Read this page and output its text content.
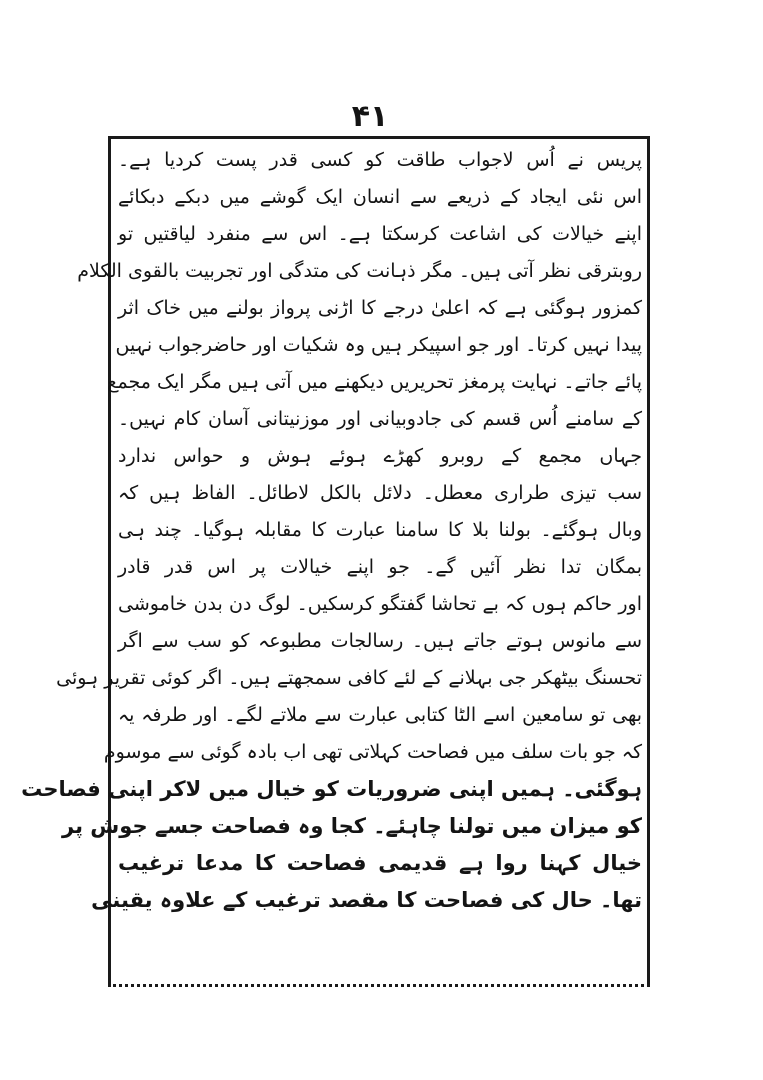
۴۱
پریس نے اُس لاجواب طاقت کو کسی قدر پست کردیا ہے۔
اس نئی ایجاد کے ذریعے سے انسان ایک گوشے میں دبکے دبکائے
اپنے خیالات کی اشاعت کرسکتا ہے۔ اس سے منفرد لیاقتیں تو
روبترقی نظر آتی ہیں۔ مگر ذہانت کی متدگی اور تجربیت بالقوی الکلام
کمزور ہوگئی ہے کہ اعلیٰ درجے کا اڑنی پرواز بولنے میں خاک اثر
پیدا نہیں کرتا۔ اور جو اسپیکر ہیں وہ شکیات اور حاضرجواب نہیں
پائے جاتے۔ نہایت پرمغز تحریریں دیکھنے میں آتی ہیں مگر ایک مجمع
کے سامنے اُس قسم کی جادوبیانی اور موزنیتانی آسان کام نہیں۔
جہاں مجمع کے روبرو کھڑے ہوئے ہوش و حواس ندارد
سب تیزی طراری معطل۔ دلائل بالکل لاطائل۔ الفاظ ہیں کہ
وبال ہوگئے۔ بولنا بلا کا سامنا عبارت کا مقابلہ ہوگیا۔ چند ہی
بمگان تدا نظر آئیں گے۔ جو اپنے خیالات پر اس قدر قادر
اور حاکم ہوں کہ بے تحاشا گفتگو کرسکیں۔ لوگ دن بدن خاموشی
سے مانوس ہوتے جاتے ہیں۔ رسالجات مطبوعہ کو سب سے اگر
تحسنگ بیٹھکر جی بہلانے کے لئے کافی سمجھتے ہیں۔ اگر کوئی تقریر ہوئی
بھی تو سامعین اسے الٹا کتابی عبارت سے ملاتے لگے۔ اور طرفہ یہ
کہ جو بات سلف میں فصاحت کہلاتی تھی اب بادہ گوئی سے موسوم
ہوگئی۔ ہمیں اپنی ضروریات کو خیال میں لاکر اپنی فصاحت
کو میزان میں تولنا چاہئے۔ کجا وہ فصاحت جسے جوش پر
خیال کہنا روا ہے قدیمی فصاحت کا مدعا ترغیب
تھا۔ حال کی فصاحت کا مقصد ترغیب کے علاوہ یقینی
